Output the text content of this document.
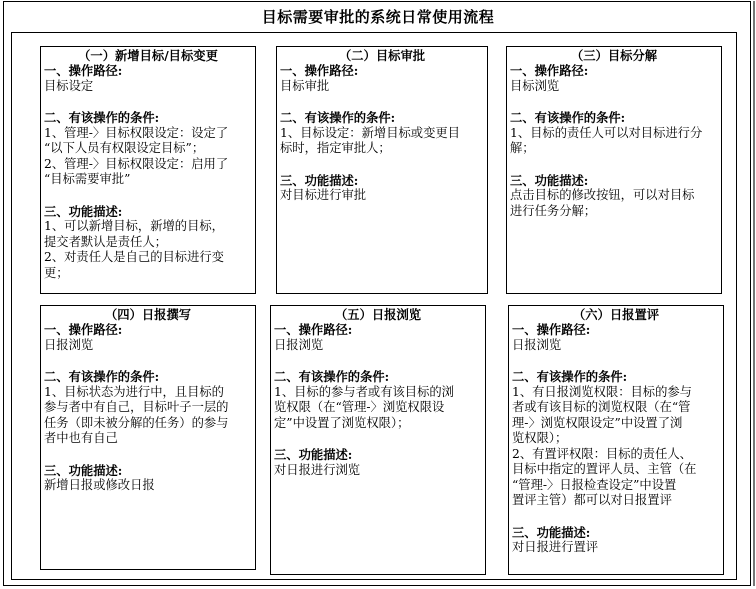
目标需要审批的系统日常使用流程
（一）新增目标/目标变更
一、操作路径:
目标设定
二、有该操作的条件:
1、管理-〉目标权限设定：设定了
“以下人员有权限设定目标”；
2、管理-〉目标权限设定：启用了
“目标需要审批”
三、功能描述:
1、可以新增目标，新增的目标，
提交者默认是责任人；
2、对责任人是自己的目标进行变
更；
（二）目标审批
一、操作路径:
目标审批
二、有该操作的条件:
1、目标设定：新增目标或变更目
标时，指定审批人；
三、功能描述:
对目标进行审批
（三）目标分解
一、操作路径:
目标浏览
二、有该操作的条件:
1、目标的责任人可以对目标进行分
解；
三、功能描述:
点击目标的修改按钮，可以对目标
进行任务分解；
（四）日报撰写
一、操作路径:
日报浏览
二、有该操作的条件:
1、目标状态为进行中，且目标的
参与者中有自己，目标叶子一层的
任务（即未被分解的任务）的参与
者中也有自己
三、功能描述:
新增日报或修改日报
（五）日报浏览
一、操作路径:
日报浏览
二、有该操作的条件:
1、目标的参与者或有该目标的浏
览权限（在“管理-〉浏览权限设
定”中设置了浏览权限）；
三、功能描述:
对日报进行浏览
（六）日报置评
一、操作路径:
日报浏览
二、有该操作的条件:
1、有日报浏览权限：目标的参与
者或有该目标的浏览权限（在“管
理-〉浏览权限设定”中设置了浏
览权限）；
2、有置评权限：目标的责任人、
目标中指定的置评人员、主管（在
“管理-〉日报检查设定”中设置
置评主管）都可以对日报置评
三、功能描述:
对日报进行置评
